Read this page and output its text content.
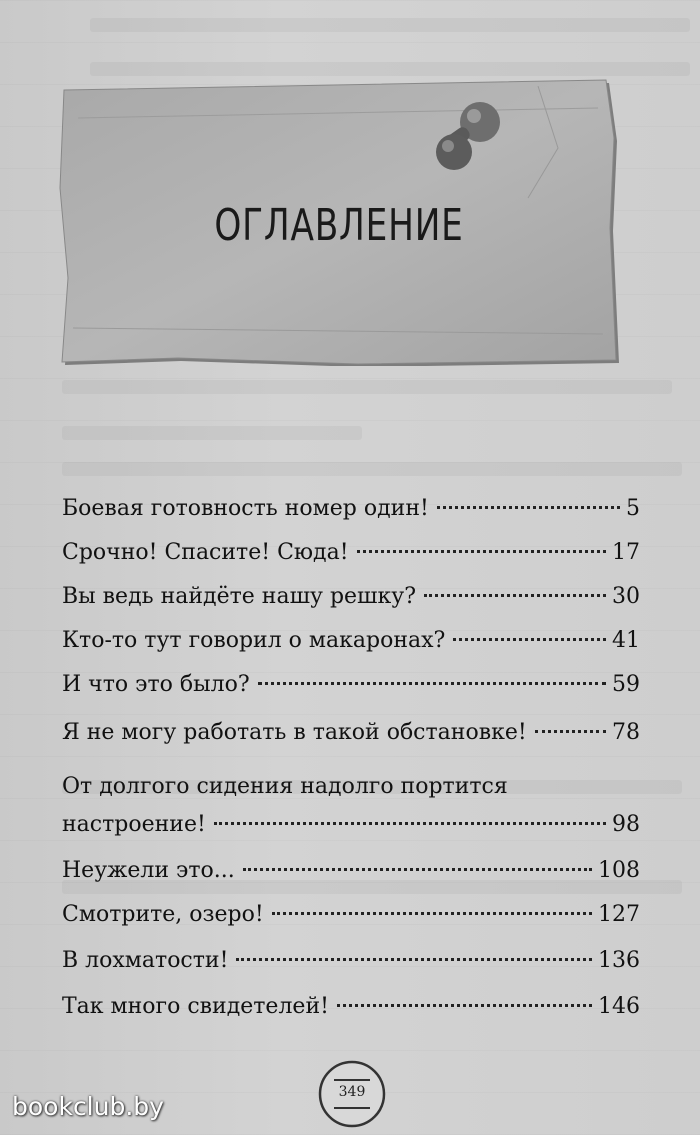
ОГЛАВЛЕНИЕ
Боевая готовность номер один!	5
Срочно! Спасите! Сюда!	17
Вы ведь найдёте нашу решку?	30
Кто-то тут говорил о макаронах?	41
И что это было?	59
Я не могу работать в такой обстановке!	78
От долгого сидения надолго портится
настроение!	98
Неужели это...	108
Смотрите, озеро!	127
В лохматости!	136
Так много свидетелей!	146
349
bookclub.by
